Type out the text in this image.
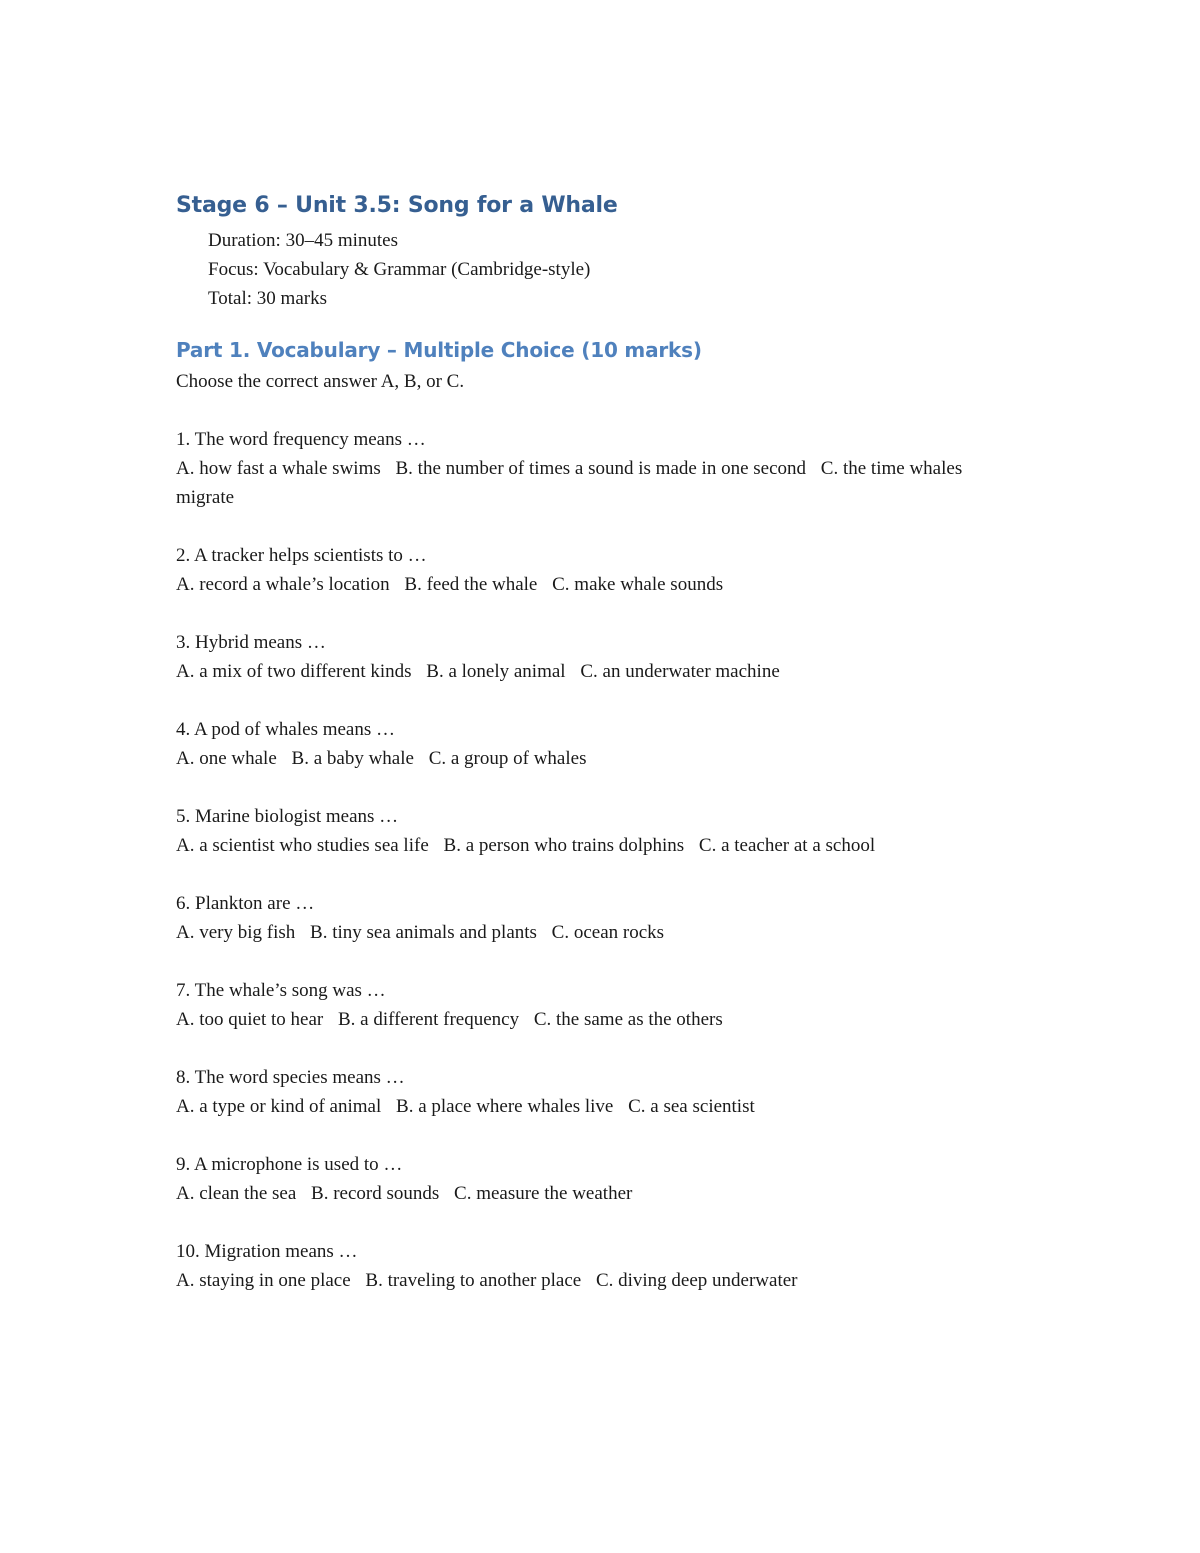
Stage 6 – Unit 3.5: Song for a Whale

Duration: 30–45 minutes

Focus: Vocabulary & Grammar (Cambridge-style)

Total: 30 marks

Part 1. Vocabulary – Multiple Choice (10 marks)

Choose the correct answer A, B, or C.

1. The word frequency means …
A. how fast a whale swims B. the number of times a sound is made in one second C. the time whales migrate
2. A tracker helps scientists to …
A. record a whale’s location B. feed the whale C. make whale sounds
3. Hybrid means …
A. a mix of two different kinds B. a lonely animal C. an underwater machine
4. A pod of whales means …
A. one whale B. a baby whale C. a group of whales
5. Marine biologist means …
A. a scientist who studies sea life B. a person who trains dolphins C. a teacher at a school
6. Plankton are …
A. very big fish B. tiny sea animals and plants C. ocean rocks
7. The whale’s song was …
A. too quiet to hear B. a different frequency C. the same as the others
8. The word species means …
A. a type or kind of animal B. a place where whales live C. a sea scientist
9. A microphone is used to …
A. clean the sea B. record sounds C. measure the weather
10. Migration means …
A. staying in one place B. traveling to another place C. diving deep underwater
